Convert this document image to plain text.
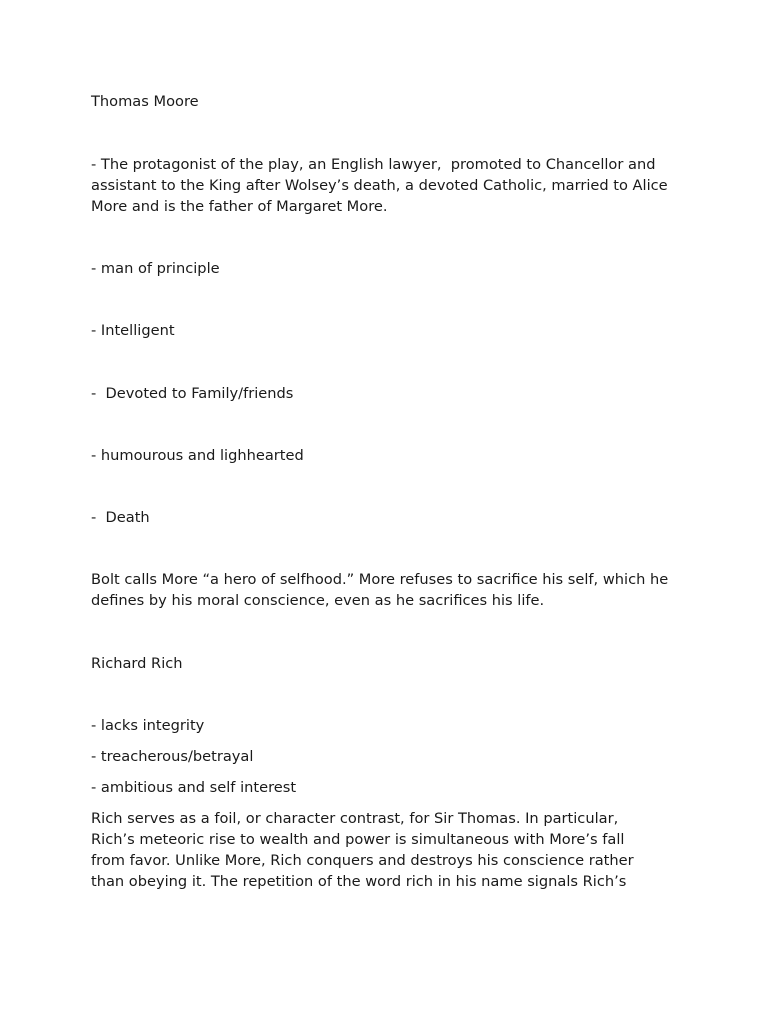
Thomas Moore

- The protagonist of the play, an English lawyer,  promoted to Chancellor and assistant to the King after Wolsey’s death, a devoted Catholic, married to Alice More and is the father of Margaret More.

- man of principle

- Intelligent

-  Devoted to Family/friends

- humourous and lighhearted

-  Death

Bolt calls More “a hero of selfhood.” More refuses to sacrifice his self, which he defines by his moral conscience, even as he sacrifices his life.

Richard Rich

- lacks integrity

- treacherous/betrayal

- ambitious and self interest

Rich serves as a foil, or character contrast, for Sir Thomas. In particular, Rich’s meteoric rise to wealth and power is simultaneous with More’s fall from favor. Unlike More, Rich conquers and destroys his conscience rather than obeying it. The repetition of the word rich in his name signals Rich’s
